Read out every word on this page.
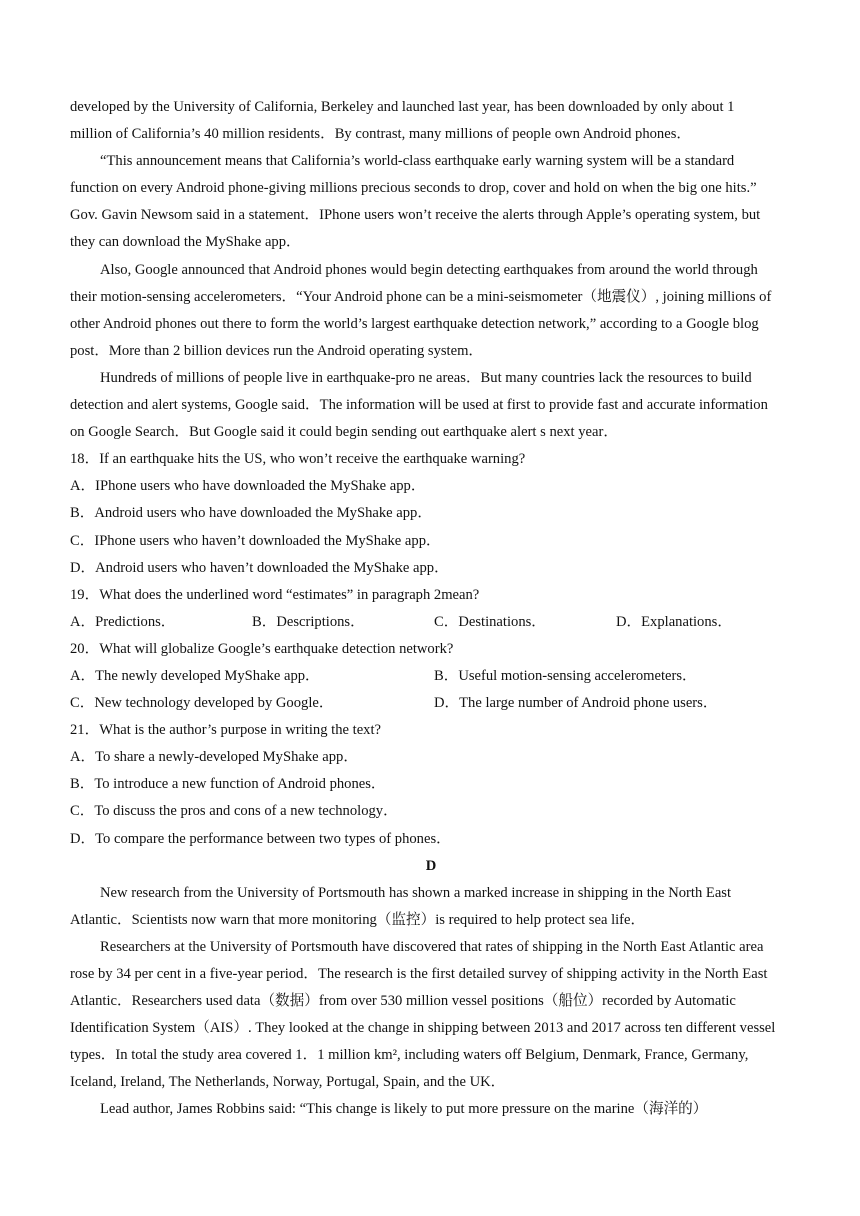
developed by the University of California, Berkeley and launched last year, has been downloaded by only about 1
million of California’s 40 million residents．By contrast, many millions of people own Android phones．
“This announcement means that California’s world-class earthquake early warning system will be a standard
function on every Android phone-giving millions precious seconds to drop, cover and hold on when the big one hits.”
Gov. Gavin Newsom said in a statement．IPhone users won’t receive the alerts through Apple’s operating system, but
they can download the MyShake app．
Also, Google announced that Android phones would begin detecting earthquakes from around the world through
their motion-sensing accelerometers．“Your Android phone can be a mini-seismometer（地震仪）, joining millions of
other Android phones out there to form the world’s largest earthquake detection network,” according to a Google blog
post．More than 2 billion devices run the Android operating system．
Hundreds of millions of people live in earthquake-pro ne areas．But many countries lack the resources to build
detection and alert systems, Google said．The information will be used at first to provide fast and accurate information
on Google Search．But Google said it could begin sending out earthquake alert s next year．
18．If an earthquake hits the US, who won’t receive the earthquake warning?
A．IPhone users who have downloaded the MyShake app．
B．Android users who have downloaded the MyShake app．
C．IPhone users who haven’t downloaded the MyShake app．
D．Android users who haven’t downloaded the MyShake app．
19．What does the underlined word “estimates” in paragraph 2mean?
A．Predictions．	B．Descriptions．	C．Destinations．	D．Explanations．
20．What will globalize Google’s earthquake detection network?
A．The newly developed MyShake app．	B．Useful motion-sensing accelerometers．
C．New technology developed by Google．	D．The large number of Android phone users．
21．What is the author’s purpose in writing the text?
A．To share a newly-developed MyShake app．
B．To introduce a new function of Android phones．
C．To discuss the pros and cons of a new technology．
D．To compare the performance between two types of phones．
D
New research from the University of Portsmouth has shown a marked increase in shipping in the North East
Atlantic．Scientists now warn that more monitoring（监控）is required to help protect sea life．
Researchers at the University of Portsmouth have discovered that rates of shipping in the North East Atlantic area
rose by 34 per cent in a five-year period．The research is the first detailed survey of shipping activity in the North East
Atlantic．Researchers used data（数据）from over 530 million vessel positions（船位）recorded by Automatic
Identification System（AIS）. They looked at the change in shipping between 2013 and 2017 across ten different vessel
types．In total the study area covered 1．1 million km², including waters off Belgium, Denmark, France, Germany,
Iceland, Ireland, The Netherlands, Norway, Portugal, Spain, and the UK．
Lead author, James Robbins said: “This change is likely to put more pressure on the marine（海洋的）
